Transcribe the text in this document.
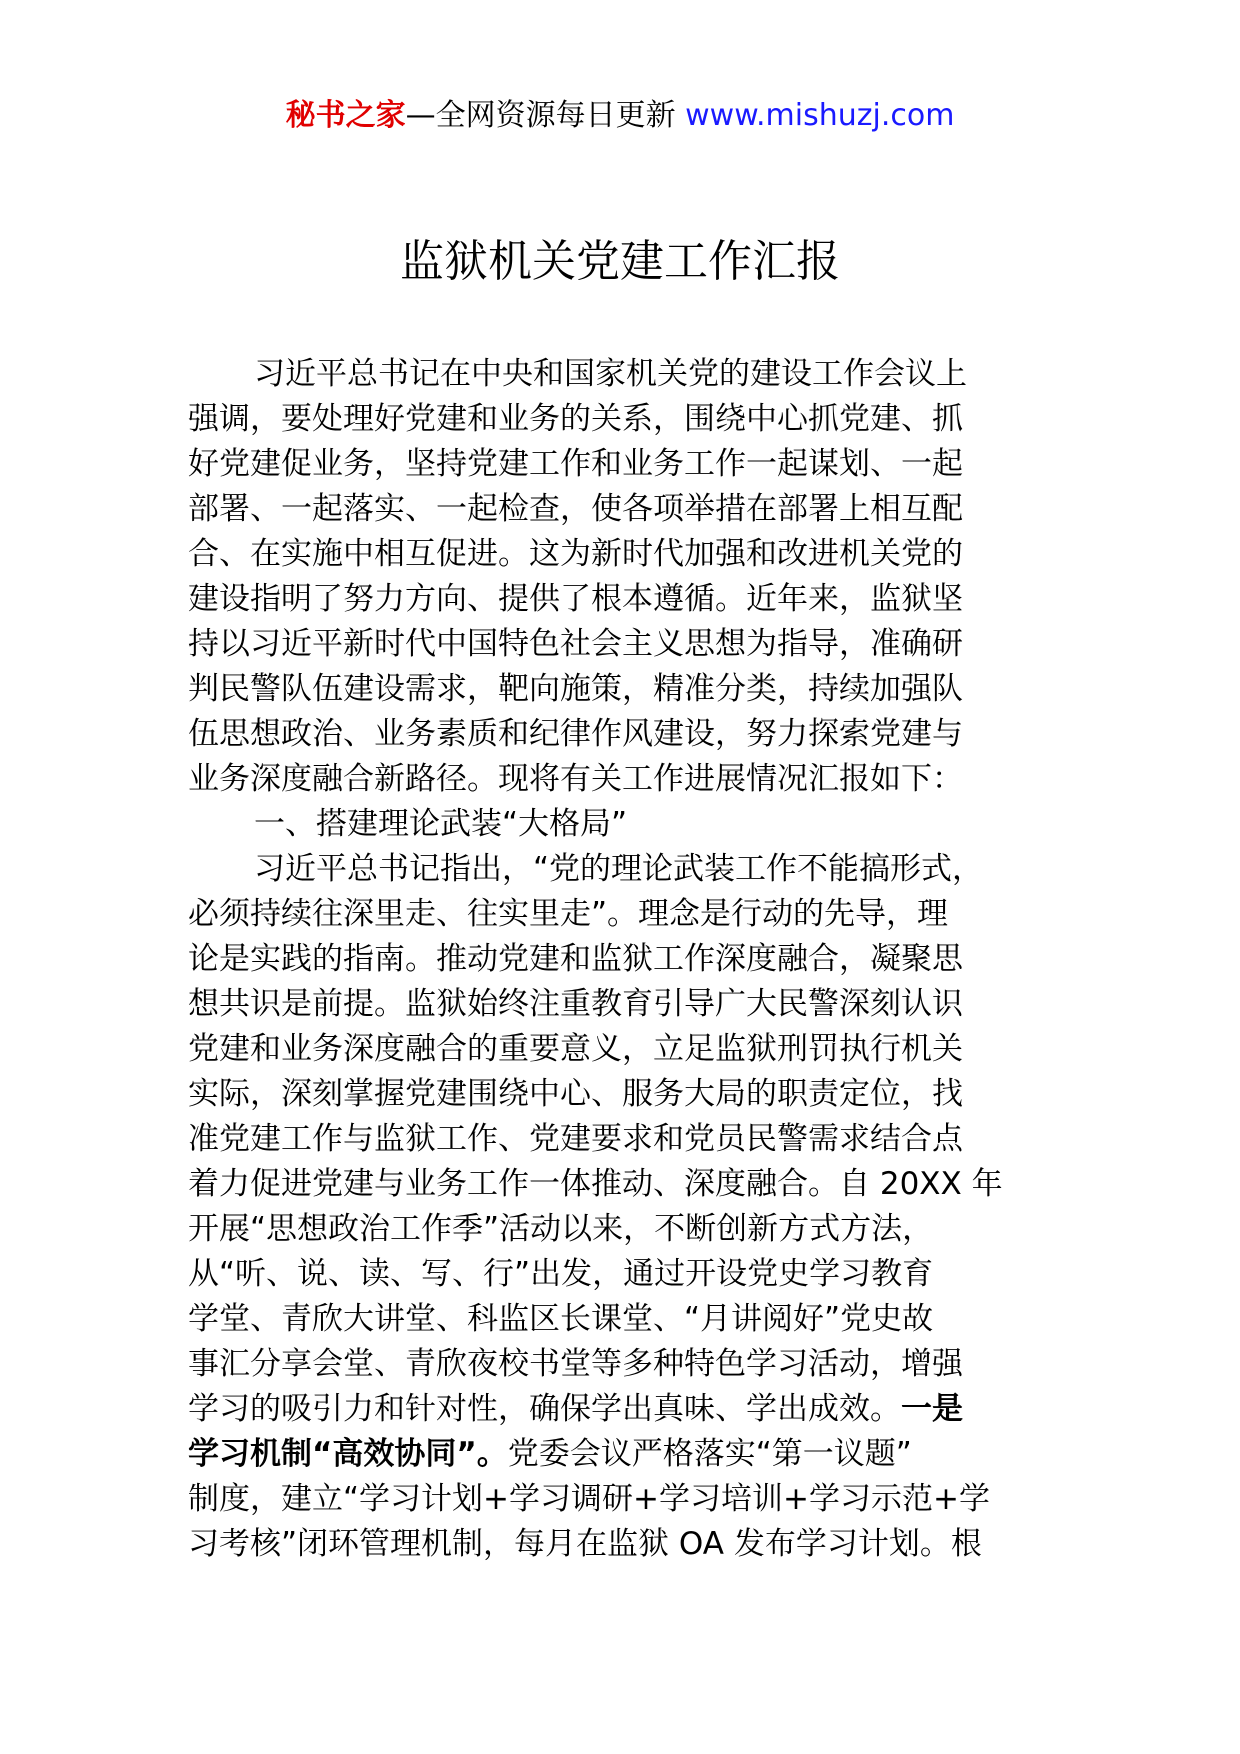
秘书之家—全网资源每日更新 www.mishuzj.com
监狱机关党建工作汇报
习近平总书记在中央和国家机关党的建设工作会议上
强调，要处理好党建和业务的关系，围绕中心抓党建、抓
好党建促业务，坚持党建工作和业务工作一起谋划、一起
部署、一起落实、一起检查，使各项举措在部署上相互配
合、在实施中相互促进。这为新时代加强和改进机关党的
建设指明了努力方向、提供了根本遵循。近年来，监狱坚
持以习近平新时代中国特色社会主义思想为指导，准确研
判民警队伍建设需求，靶向施策，精准分类，持续加强队
伍思想政治、业务素质和纪律作风建设，努力探索党建与
业务深度融合新路径。现将有关工作进展情况汇报如下：
一、搭建理论武装“大格局”
习近平总书记指出，“党的理论武装工作不能搞形式，
必须持续往深里走、往实里走”。理念是行动的先导，理
论是实践的指南。推动党建和监狱工作深度融合，凝聚思
想共识是前提。监狱始终注重教育引导广大民警深刻认识
党建和业务深度融合的重要意义，立足监狱刑罚执行机关
实际，深刻掌握党建围绕中心、服务大局的职责定位，找
准党建工作与监狱工作、党建要求和党员民警需求结合点
着力促进党建与业务工作一体推动、深度融合。自 20XX 年
开展“思想政治工作季”活动以来，不断创新方式方法，
从“听、说、读、写、行”出发，通过开设党史学习教育
学堂、青欣大讲堂、科监区长课堂、“月讲阅好”党史故
事汇分享会堂、青欣夜校书堂等多种特色学习活动，增强
学习的吸引力和针对性，确保学出真味、学出成效。一是
学习机制“高效协同”。党委会议严格落实“第一议题”
制度，建立“学习计划+学习调研+学习培训+学习示范+学
习考核”闭环管理机制，每月在监狱 OA 发布学习计划。根
